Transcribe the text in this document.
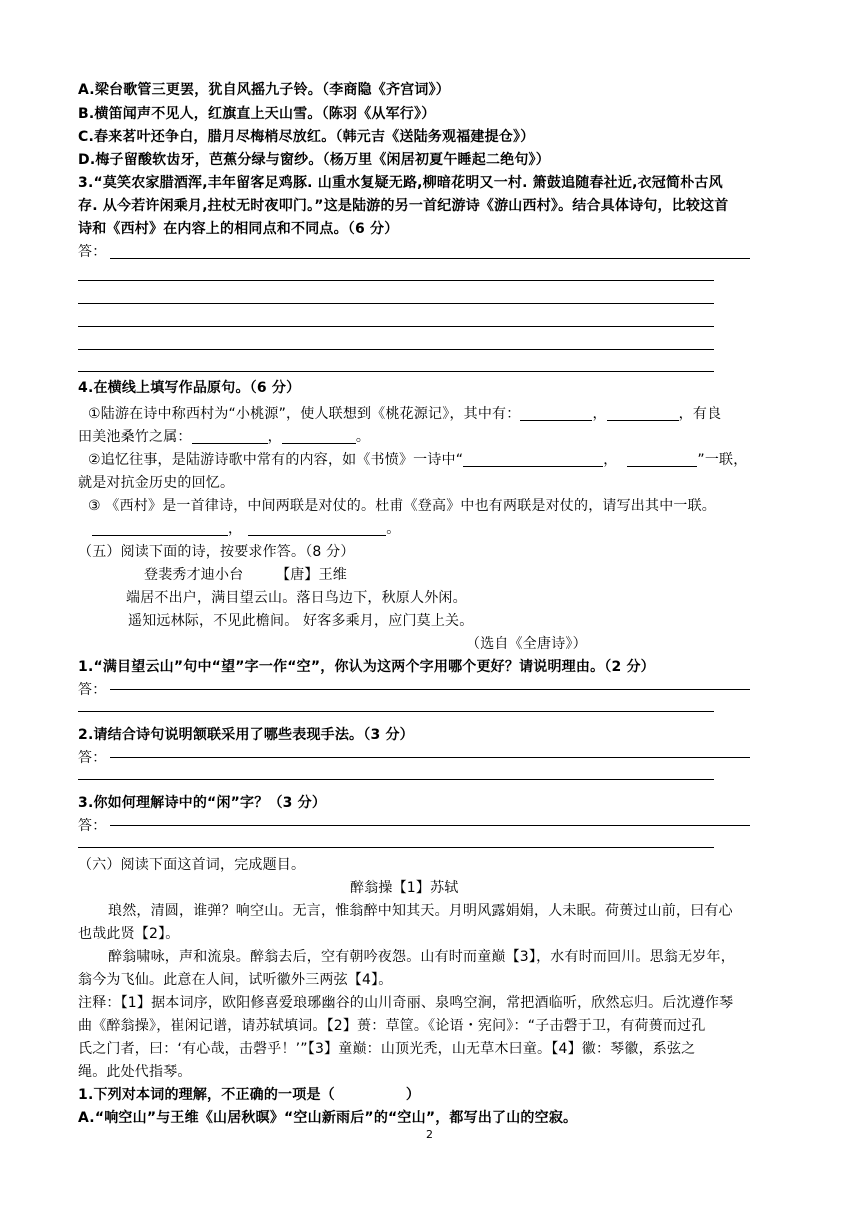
A.梁台歌管三更罢，犹自风摇九子铃。（李商隐《齐宫词》）
B.横笛闻声不见人，红旗直上天山雪。（陈羽《从军行》）
C.春来茗叶还争白，腊月尽梅梢尽放红。（韩元吉《送陆务观福建提仓》）
D.梅子留酸软齿牙，芭蕉分绿与窗纱。（杨万里《闲居初夏午睡起二绝句》）
3.“莫笑农家腊酒浑,丰年留客足鸡豚. 山重水复疑无路,柳暗花明又一村. 箫鼓追随春社近,衣冠简朴古风
存. 从今若许闲乘月,拄杖无时夜叩门。”这是陆游的另一首纪游诗《游山西村》。结合具体诗句，比较这首
诗和《西村》在内容上的相同点和不同点。（6 分）
答：
4.在横线上填写作品原句。（6 分）
①陆游在诗中称西村为“小桃源”，使人联想到《桃花源记》，其中有：	，	，有良
田美池桑竹之属：	，	。
②追忆往事，是陆游诗歌中常有的内容，如《书愤》一诗中“	，	”一联，
就是对抗金历史的回忆。
③ 《西村》是一首律诗，中间两联是对仗的。杜甫《登高》中也有两联是对仗的，请写出其中一联。
，	。
（五）阅读下面的诗，按要求作答。（8 分）
登裴秀才迪小台 【唐】王维
端居不出户，满目望云山。落日鸟边下，秋原人外闲。
遥知远林际，不见此檐间。 好客多乘月，应门莫上关。
（选自《全唐诗》）
1.“满目望云山”句中“望”字一作“空”，你认为这两个字用哪个更好？请说明理由。（2 分）
答：
2.请结合诗句说明颔联采用了哪些表现手法。（3 分）
答：
3.你如何理解诗中的“闲”字？（3 分）
答：
（六）阅读下面这首词，完成题目。
醉翁操【1】苏轼
琅然，清圆，谁弹？响空山。无言，惟翁醉中知其天。月明风露娟娟，人未眠。荷蒉过山前，曰有心
也哉此贤【2】。
醉翁啸咏，声和流泉。醉翁去后，空有朝吟夜怨。山有时而童巅【3】，水有时而回川。思翁无岁年，
翁今为飞仙。此意在人间，试听徽外三两弦【4】。
注释：【1】据本词序，欧阳修喜爱琅琊幽谷的山川奇丽、泉鸣空涧，常把酒临听，欣然忘归。后沈遵作琴
曲《醉翁操》，崔闲记谱，请苏轼填词。【2】蒉：草筐。《论语・宪问》：“子击磬于卫，有荷蒉而过孔
氏之门者，曰：‘有心哉，击磬乎！’”【3】童巅：山顶光秃，山无草木曰童。【4】徽：琴徽，系弦之
绳。此处代指琴。
1.下列对本词的理解，不正确的一项是（　　　　　）
A.“响空山”与王维《山居秋暝》“空山新雨后”的“空山”，都写出了山的空寂。
2
